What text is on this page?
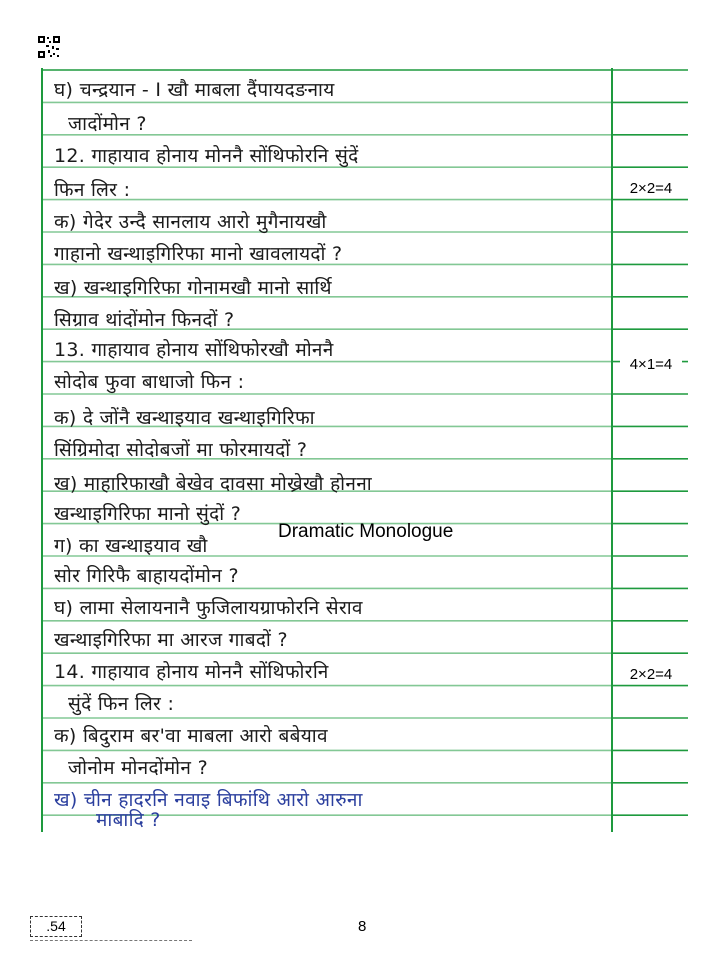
घ) चन्द्रयान - I खौ माबला दैंपायदङनाय
जादोंमोन ?
12. गाहायाव होनाय मोननै सोंथिफोरनि सुंदें
फिन लिर :
क) गेदेर उन्दै सानलाय आरो मुगैनायखौ
गाहानो खन्थाइगिरिफा मानो खावलायदों ?
ख) खन्थाइगिरिफा गोनामखौ मानो सार्थि
सिग्राव थांदोंमोन फिनदों ?
13. गाहायाव होनाय सोंथिफोरखौ मोननै
सोदोब फुवा बाधाजो फिन :
क) दे जोंनै खन्थाइयाव खन्थाइगिरिफा
सिंग्रिमोदा सोदोबजों मा फोरमायदों ?
ख) माहारिफाखौ बेखेव दावसा मोख्रेखौ होनना
खन्थाइगिरिफा मानो सुंदों ?
ग) का खन्थाइयाव खौ
सोर गिरिफै बाहायदोंमोन ?
घ) लामा सेलायनानै फुजिलायग्राफोरनि सेराव
खन्थाइगिरिफा मा आरज गाबदों ?
14. गाहायाव होनाय मोननै सोंथिफोरनि
सुंदें फिन लिर :
क) बिदुराम बर'वा माबला आरो बबेयाव
जोनोम मोनदोंमोन ?
ख) चीन हादरनि नवाइ बिफांथि आरो आरुना
माबादि ?
2×2=4
4×1=4
2×2=4
Dramatic Monologue
.54	8
